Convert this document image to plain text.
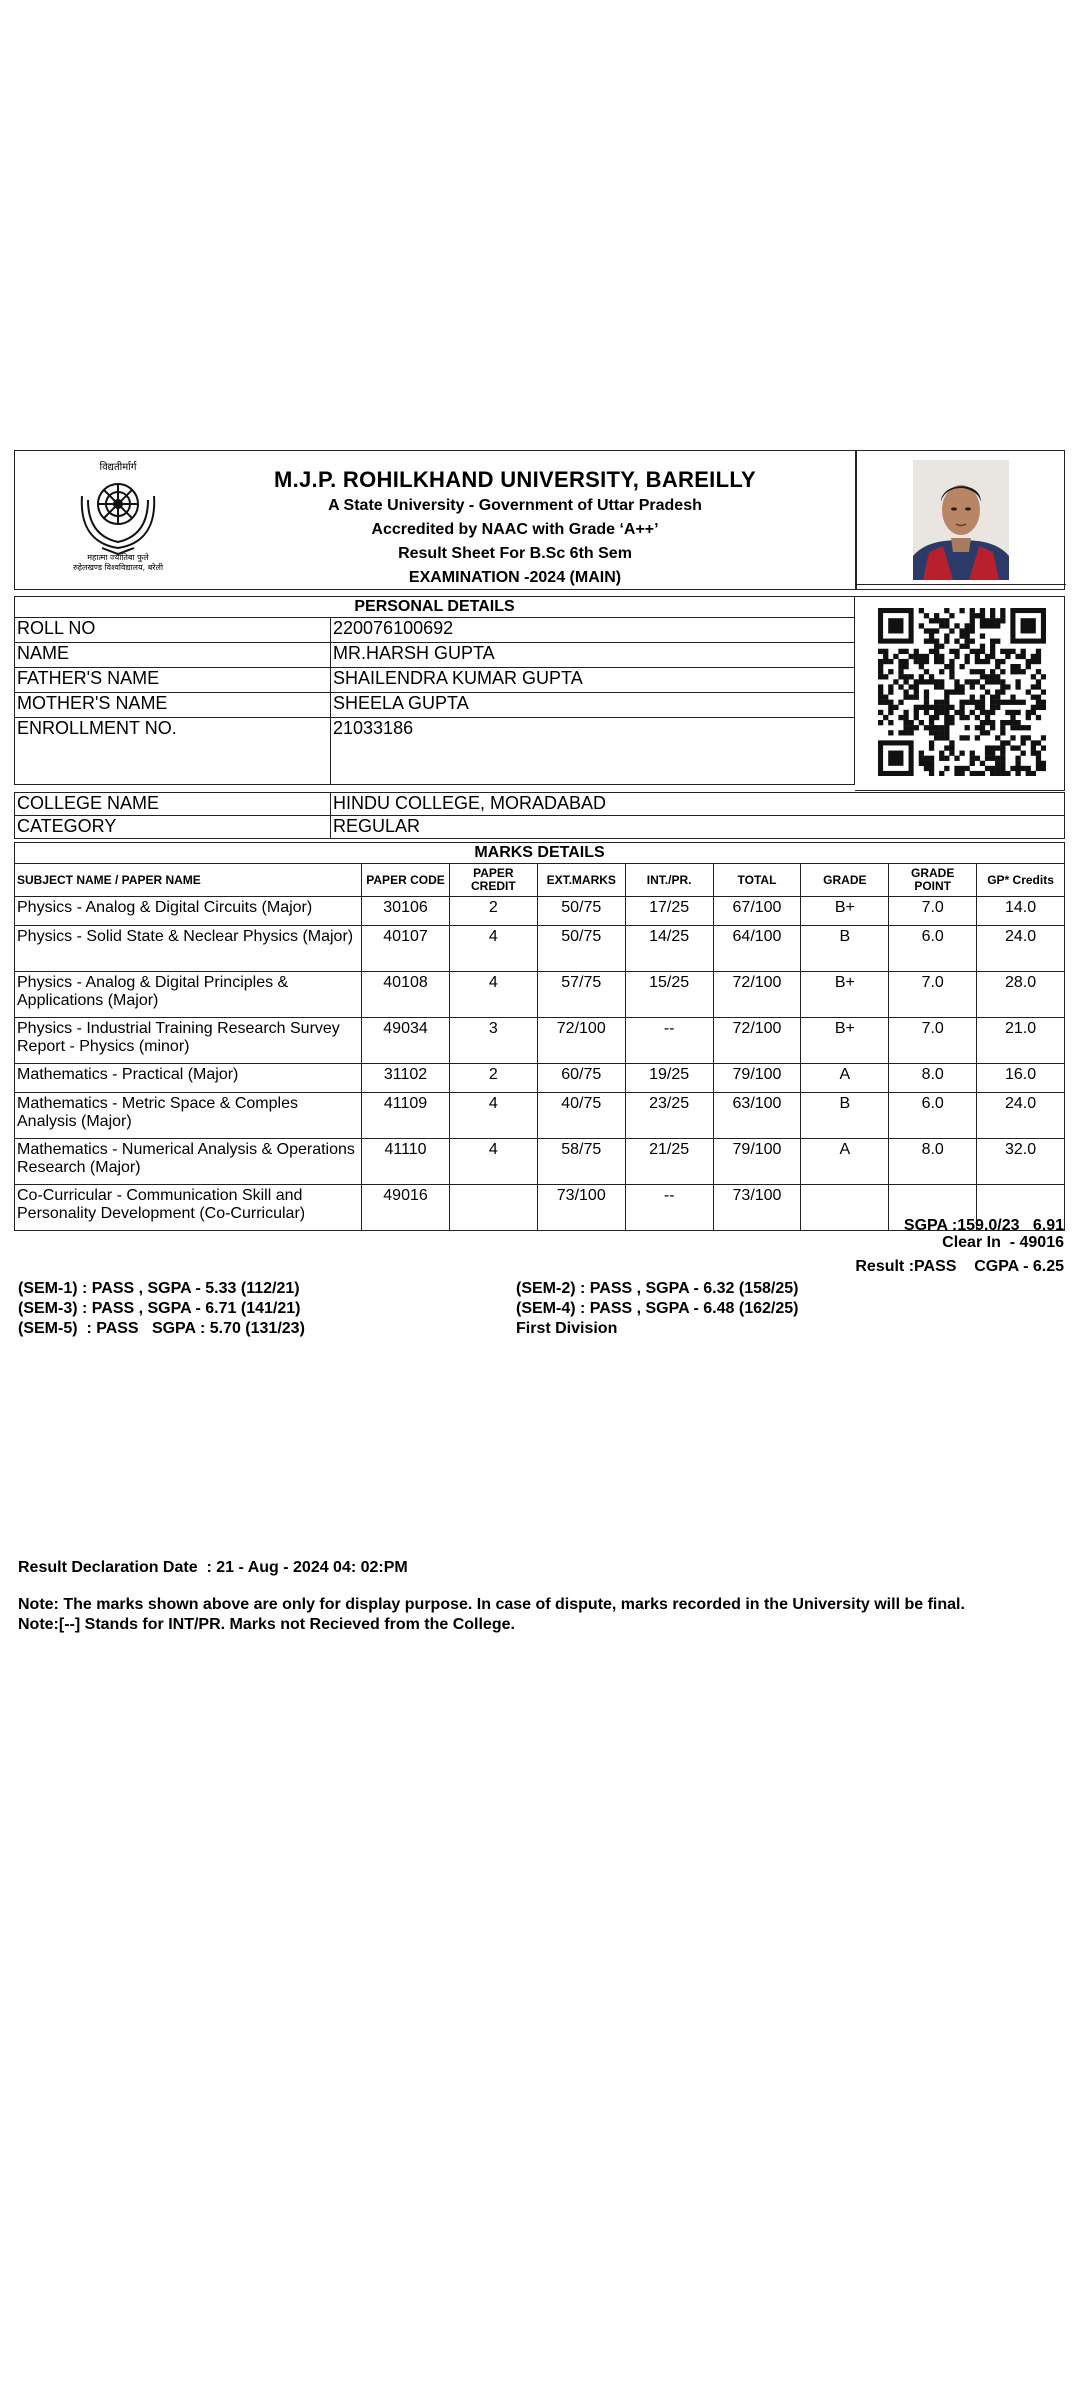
विद्यतीर्मार्ग
महात्मा ज्योतिबा फुले
रुहेलखण्ड विश्वविद्यालय, बरेली
M.J.P. ROHILKHAND UNIVERSITY, BAREILLY
A State University - Government of Uttar Pradesh
Accredited by NAAC with Grade ‘A++’
Result Sheet For B.Sc 6th Sem
EXAMINATION -2024 (MAIN)
PERSONAL DETAILS	
ROLL NO	220076100692
NAME	MR.HARSH GUPTA
FATHER'S NAME	SHAILENDRA KUMAR GUPTA
MOTHER'S NAME	SHEELA GUPTA
ENROLLMENT NO.	21033186
COLLEGE NAME	HINDU COLLEGE, MORADABAD
CATEGORY	REGULAR
MARKS DETAILS								
SUBJECT NAME / PAPER NAME	PAPER CODE	PAPER CREDIT	EXT.MARKS	INT./PR.	TOTAL	GRADE	GRADE POINT	GP* Credits
Physics - Analog & Digital Circuits (Major)	30106	2	50/75	17/25	67/100	B+	7.0	14.0
Physics - Solid State & Neclear Physics (Major)	40107	4	50/75	14/25	64/100	B	6.0	24.0
Physics - Analog & Digital Principles & Applications (Major)	40108	4	57/75	15/25	72/100	B+	7.0	28.0
Physics - Industrial Training Research Survey Report - Physics (minor)	49034	3	72/100	--	72/100	B+	7.0	21.0
Mathematics - Practical (Major)	31102	2	60/75	19/25	79/100	A	8.0	16.0
Mathematics - Metric Space & Comples Analysis (Major)	41109	4	40/75	23/25	63/100	B	6.0	24.0
Mathematics - Numerical Analysis & Operations Research (Major)	41110	4	58/75	21/25	79/100	A	8.0	32.0
Co-Curricular - Communication Skill and Personality Development (Co-Curricular)	49016		73/100	--	73/100			
SGPA :159.0/23   6.91
Clear In  - 49016
Result :PASS    CGPA - 6.25
(SEM-1) : PASS , SGPA - 5.33 (112/21)	(SEM-2) : PASS , SGPA - 6.32 (158/25)
(SEM-3) : PASS , SGPA - 6.71 (141/21)	(SEM-4) : PASS , SGPA - 6.48 (162/25)
(SEM-5)  : PASS   SGPA : 5.70 (131/23)	First Division
Result Declaration Date  : 21 - Aug - 2024 04: 02:PM
Note: The marks shown above are only for display purpose. In case of dispute, marks recorded in the University will be final.
Note:[--] Stands for INT/PR. Marks not Recieved from the College.
